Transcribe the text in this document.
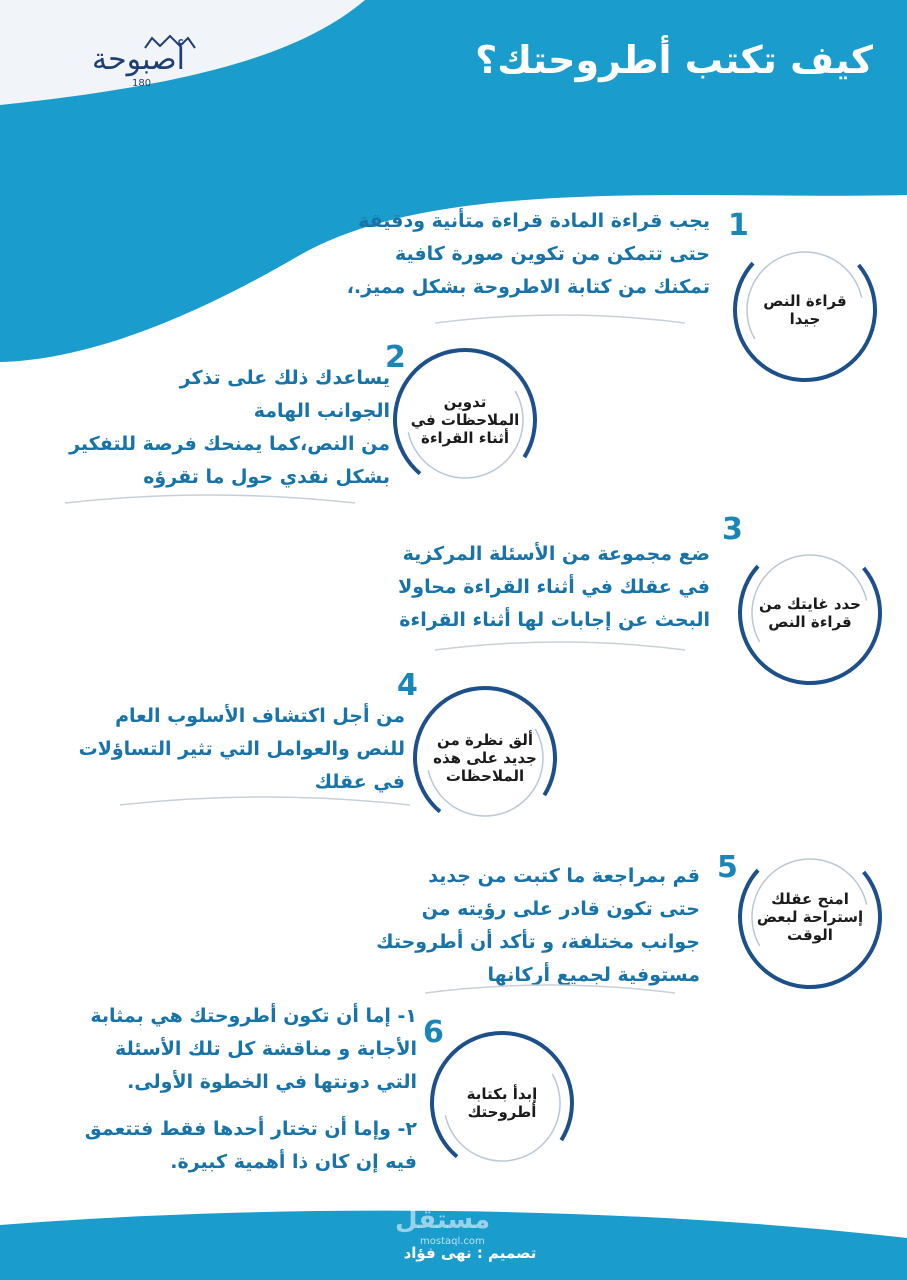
أصبوحة
180
كيف تكتب أطروحتك؟
1
قراءة النص جيدا

يجب قراءة المادة قراءة متأنية ودقيقة

حتى تتمكن من تكوين صورة كافية

تمكنك من كتابة الاطروحة بشكل مميز.،

2
تدوين الملاحظات في أثناء القراءة

يساعدك ذلك على تذكر

الجوانب الهامة

من النص،كما يمنحك فرصة للتفكير

بشكل نقدي حول ما تقرؤه

3
حدد غايتك من قراءة النص

ضع مجموعة من الأسئلة المركزية

في عقلك في أثناء القراءة محاولا

البحث عن إجابات لها أثناء القراءة

4
ألق نظرة من جديد على هذه الملاحظات

من أجل اكتشاف الأسلوب العام

للنص والعوامل التي تثير التساؤلات

في عقلك

5
امنح عقلك إستراحة لبعض الوقت

قم بمراجعة ما كتبت من جديد

حتى تكون قادر على رؤيته من

جوانب مختلفة، و تأكد أن أطروحتك

مستوفية لجميع أركانها

6
إبدأ بكتابة أطروحتك

١- إما أن تكون أطروحتك هي بمثابة

الأجابة و مناقشة كل تلك الأسئلة

التي دونتها في الخطوة الأولى.

٢- وإما أن تختار أحدها فقط فتتعمق

فيه إن كان ذا أهمية كبيرة.

مستقل
mostaql.com
تصميم : نهى فؤاد
